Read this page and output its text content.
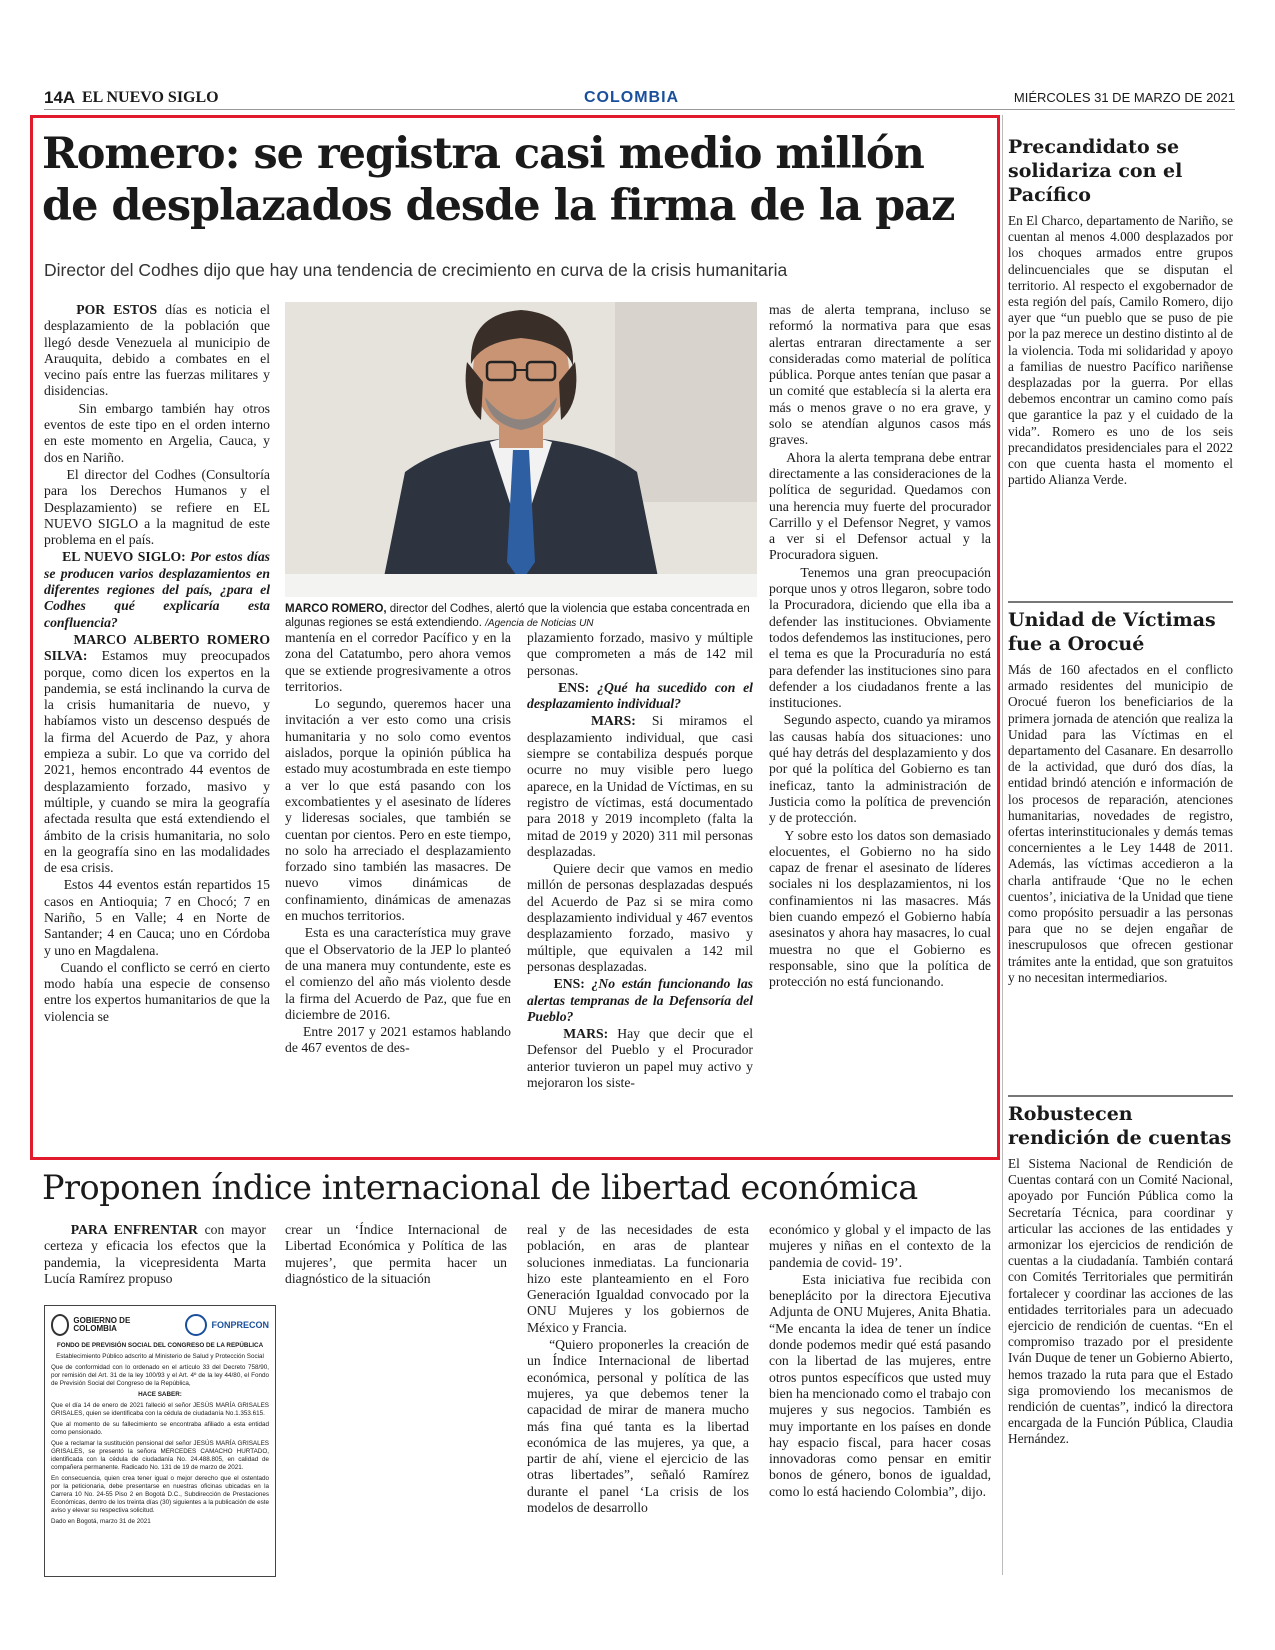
14A EL NUEVO SIGLO	COLOMBIA	MIÉRCOLES 31 DE MARZO DE 2021
Romero: se registra casi medio millón
de desplazados desde la firma de la paz
Director del Codhes dijo que hay una tendencia de crecimiento en curva de la crisis humanitaria

POR ESTOS días es noticia el desplazamiento de la población que llegó desde Venezuela al municipio de Arauquita, debido a combates en el vecino país entre las fuerzas militares y disidencias.

Sin embargo también hay otros eventos de este tipo en el orden interno en este momento en Argelia, Cauca, y dos en Nariño.

El director del Codhes (Consultoría para los Derechos Humanos y el Desplazamiento) se refiere en EL NUEVO SIGLO a la magnitud de este problema en el país.

EL NUEVO SIGLO: Por estos días se producen varios desplazamientos en diferentes regiones del país, ¿para el Codhes qué explicaría esta confluencia?

MARCO ALBERTO ROMERO SILVA: Estamos muy preocupados porque, como dicen los expertos en la pandemia, se está inclinando la curva de la crisis humanitaria de nuevo, y habíamos visto un descenso después de la firma del Acuerdo de Paz, y ahora empieza a subir. Lo que va corrido del 2021, hemos encontrado 44 eventos de desplazamiento forzado, masivo y múltiple, y cuando se mira la geografía afectada resulta que está extendiendo el ámbito de la crisis humanitaria, no solo en la geografía sino en las modalidades de esa crisis.

Estos 44 eventos están repartidos 15 casos en Antioquia; 7 en Chocó; 7 en Nariño, 5 en Valle; 4 en Norte de Santander; 4 en Cauca; uno en Córdoba y uno en Magdalena.

Cuando el conflicto se cerró en cierto modo había una especie de consenso entre los expertos humanitarios de que la violencia se

MARCO ROMERO, director del Codhes, alertó que la violencia que estaba concentrada en algunas regiones se está extendiendo. /Agencia de Noticias UN

mantenía en el corredor Pacífico y en la zona del Catatumbo, pero ahora vemos que se extiende progresivamente a otros territorios.

Lo segundo, queremos hacer una invitación a ver esto como una crisis humanitaria y no solo como eventos aislados, porque la opinión pública ha estado muy acostumbrada en este tiempo a ver lo que está pasando con los excombatientes y el asesinato de líderes y lideresas sociales, que también se cuentan por cientos. Pero en este tiempo, no solo ha arreciado el desplazamiento forzado sino también las masacres. De nuevo vimos dinámicas de confinamiento, dinámicas de amenazas en muchos territorios.

Esta es una característica muy grave que el Observatorio de la JEP lo planteó de una manera muy contundente, este es el comienzo del año más violento desde la firma del Acuerdo de Paz, que fue en diciembre de 2016.

Entre 2017 y 2021 estamos hablando de 467 eventos de des-

plazamiento forzado, masivo y múltiple que comprometen a más de 142 mil personas.

ENS: ¿Qué ha sucedido con el desplazamiento individual?

MARS: Si miramos el desplazamiento individual, que casi siempre se contabiliza después porque ocurre no muy visible pero luego aparece, en la Unidad de Víctimas, en su registro de víctimas, está documentado para 2018 y 2019 incompleto (falta la mitad de 2019 y 2020) 311 mil personas desplazadas.

Quiere decir que vamos en medio millón de personas desplazadas después del Acuerdo de Paz si se mira como desplazamiento individual y 467 eventos desplazamiento forzado, masivo y múltiple, que equivalen a 142 mil personas desplazadas.

ENS: ¿No están funcionando las alertas tempranas de la Defensoría del Pueblo?

MARS: Hay que decir que el Defensor del Pueblo y el Procurador anterior tuvieron un papel muy activo y mejoraron los siste-

mas de alerta temprana, incluso se reformó la normativa para que esas alertas entraran directamente a ser consideradas como material de política pública. Porque antes tenían que pasar a un comité que establecía si la alerta era más o menos grave o no era grave, y solo se atendían algunos casos más graves.

Ahora la alerta temprana debe entrar directamente a las consideraciones de la política de seguridad. Quedamos con una herencia muy fuerte del procurador Carrillo y el Defensor Negret, y vamos a ver si el Defensor actual y la Procuradora siguen.

Tenemos una gran preocupación porque unos y otros llegaron, sobre todo la Procuradora, diciendo que ella iba a defender las instituciones. Obviamente todos defendemos las instituciones, pero el tema es que la Procuraduría no está para defender las instituciones sino para defender a los ciudadanos frente a las instituciones.

Segundo aspecto, cuando ya miramos las causas había dos situaciones: uno qué hay detrás del desplazamiento y dos por qué la política del Gobierno es tan ineficaz, tanto la administración de Justicia como la política de prevención y de protección.

Y sobre esto los datos son demasiado elocuentes, el Gobierno no ha sido capaz de frenar el asesinato de líderes sociales ni los desplazamientos, ni los confinamientos ni las masacres. Más bien cuando empezó el Gobierno había asesinatos y ahora hay masacres, lo cual muestra no que el Gobierno es responsable, sino que la política de protección no está funcionando.

Precandidato se solidariza con el Pacífico
En El Charco, departamento de Nariño, se cuentan al menos 4.000 desplazados por los choques armados entre grupos delincuenciales que se disputan el territorio. Al respecto el exgobernador de esta región del país, Camilo Romero, dijo ayer que “un pueblo que se puso de pie por la paz merece un destino distinto al de la violencia. Toda mi solidaridad y apoyo a familias de nuestro Pacífico nariñense desplazadas por la guerra. Por ellas debemos encontrar un camino como país que garantice la paz y el cuidado de la vida”. Romero es uno de los seis precandidatos presidenciales para el 2022 con que cuenta hasta el momento el partido Alianza Verde.
Unidad de Víctimas fue a Orocué
Más de 160 afectados en el conflicto armado residentes del municipio de Orocué fueron los beneficiarios de la primera jornada de atención que realiza la Unidad para las Víctimas en el departamento del Casanare. En desarrollo de la actividad, que duró dos días, la entidad brindó atención e información de los procesos de reparación, atenciones humanitarias, novedades de registro, ofertas interinstitucionales y demás temas concernientes a le Ley 1448 de 2011. Además, las víctimas accedieron a la charla antifraude ‘Que no le echen cuentos’, iniciativa de la Unidad que tiene como propósito persuadir a las personas para que no se dejen engañar de inescrupulosos que ofrecen gestionar trámites ante la entidad, que son gratuitos y no necesitan intermediarios.
Robustecen rendición de cuentas
El Sistema Nacional de Rendición de Cuentas contará con un Comité Nacional, apoyado por Función Pública como la Secretaría Técnica, para coordinar y articular las acciones de las entidades y armonizar los ejercicios de rendición de cuentas a la ciudadanía. También contará con Comités Territoriales que permitirán fortalecer y coordinar las acciones de las entidades territoriales para un adecuado ejercicio de rendición de cuentas. “En el compromiso trazado por el presidente Iván Duque de tener un Gobierno Abierto, hemos trazado la ruta para que el Estado siga promoviendo los mecanismos de rendición de cuentas”, indicó la directora encargada de la Función Pública, Claudia Hernández.
Proponen índice internacional de libertad económica

PARA ENFRENTAR con mayor certeza y eficacia los efectos que la pandemia, la vicepresidenta Marta Lucía Ramírez propuso

crear un ‘Índice Internacional de Libertad Económica y Política de las mujeres’, que permita hacer un diagnóstico de la situación

real y de las necesidades de esta población, en aras de plantear soluciones inmediatas. La funcionaria hizo este planteamiento en el Foro Generación Igualdad convocado por la ONU Mujeres y los gobiernos de México y Francia.

“Quiero proponerles la creación de un Índice Internacional de libertad económica, personal y política de las mujeres, ya que debemos tener la capacidad de mirar de manera mucho más fina qué tanta es la libertad económica de las mujeres, ya que, a partir de ahí, viene el ejercicio de las otras libertades”, señaló Ramírez durante el panel ‘La crisis de los modelos de desarrollo

económico y global y el impacto de las mujeres y niñas en el contexto de la pandemia de covid- 19’.

Esta iniciativa fue recibida con beneplácito por la directora Ejecutiva Adjunta de ONU Mujeres, Anita Bhatia. “Me encanta la idea de tener un índice donde podemos medir qué está pasando con la libertad de las mujeres, entre otros puntos específicos que usted muy bien ha mencionado como el trabajo con mujeres y sus negocios. También es muy importante en los países en donde hay espacio fiscal, para hacer cosas innovadoras como pensar en emitir bonos de género, bonos de igualdad, como lo está haciendo Colombia”, dijo.

GOBIERNO DE COLOMBIA	FONPRECON
FONDO DE PREVISIÓN SOCIAL DEL CONGRESO DE LA REPÚBLICA
Establecimiento Público adscrito al Ministerio de Salud y Protección Social

Que de conformidad con lo ordenado en el artículo 33 del Decreto 758/90, por remisión del Art. 31 de la ley 100/93 y el Art. 4º de la ley 44/80, el Fondo de Previsión Social del Congreso de la República,

HACE SABER:

Que el día 14 de enero de 2021 falleció el señor JESÚS MARÍA GRISALES GRISALES, quien se identificaba con la cédula de ciudadanía No.1.353.615.

Que al momento de su fallecimiento se encontraba afiliado a esta entidad como pensionado.

Que a reclamar la sustitución pensional del señor JESÚS MARÍA GRISALES GRISALES, se presentó la señora MERCEDES CAMACHO HURTADO, identificada con la cédula de ciudadanía No. 24.488.805, en calidad de compañera permanente. Radicado No. 131 de 19 de marzo de 2021.

En consecuencia, quien crea tener igual o mejor derecho que el ostentado por la peticionaria, debe presentarse en nuestras oficinas ubicadas en la Carrera 10 No. 24-55 Piso 2 en Bogotá D.C., Subdirección de Prestaciones Económicas, dentro de los treinta días (30) siguientes a la publicación de este aviso y elevar su respectiva solicitud.

Dado en Bogotá, marzo 31 de 2021
